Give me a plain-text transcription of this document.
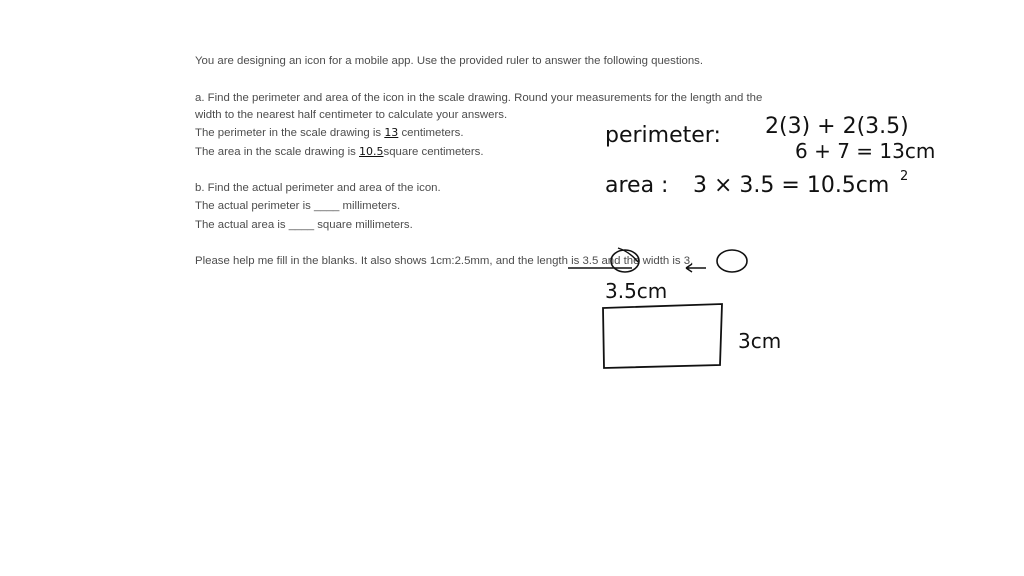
You are designing an icon for a mobile app. Use the provided ruler to answer the following questions.
a. Find the perimeter and area of the icon in the scale drawing. Round your measurements for the length and the
width to the nearest half centimeter to calculate your answers.
The perimeter in the scale drawing is 13 centimeters.
The area in the scale drawing is 10.5square centimeters.
b. Find the actual perimeter and area of the icon.
The actual perimeter is ____ millimeters.
The actual area is ____ square millimeters.
Please help me fill in the blanks. It also shows 1cm:2.5mm, and the length is 3.5 and the width is 3.
perimeter: 2(3) + 2(3.5)
6 + 7 = 13cm
area : 3 × 3.5 = 10.5cm 2
3.5cm
3cm
